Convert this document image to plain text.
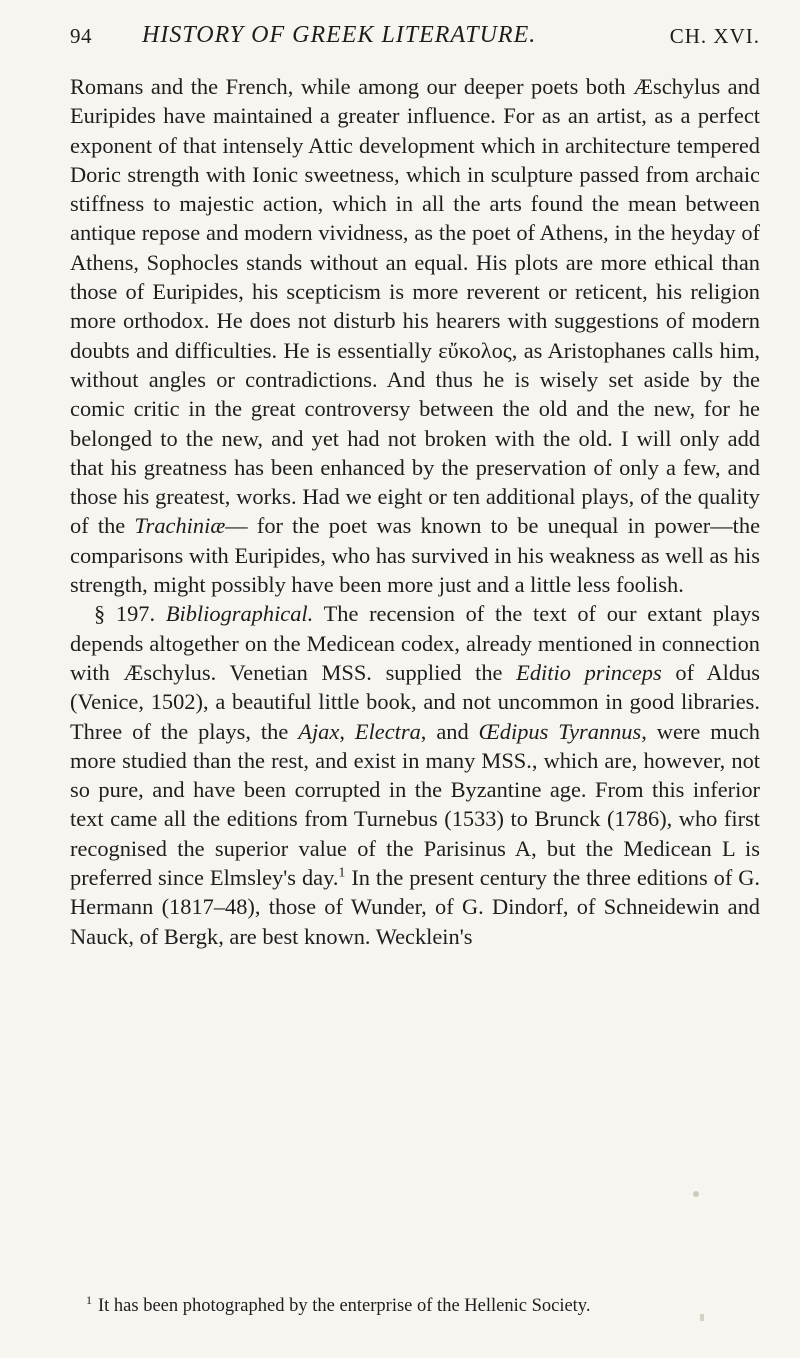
94 HISTORY OF GREEK LITERATURE.	CH. XVI.

Romans and the French, while among our deeper poets both Æschylus and Euripides have maintained a greater influence. For as an artist, as a perfect exponent of that intensely Attic development which in architecture tempered Doric strength with Ionic sweetness, which in sculpture passed from archaic stiffness to majestic action, which in all the arts found the mean between antique repose and modern vividness, as the poet of Athens, in the heyday of Athens, Sophocles stands without an equal. His plots are more ethical than those of Euripides, his scepticism is more reverent or reticent, his religion more orthodox. He does not disturb his hearers with suggestions of modern doubts and difficulties. He is essentially εὔκολος, as Aristophanes calls him, without angles or contradictions. And thus he is wisely set aside by the comic critic in the great controversy between the old and the new, for he belonged to the new, and yet had not broken with the old. I will only add that his greatness has been enhanced by the preservation of only a few, and those his greatest, works. Had we eight or ten additional plays, of the quality of the Trachiniæ— for the poet was known to be unequal in power—the comparisons with Euripides, who has survived in his weakness as well as his strength, might possibly have been more just and a little less foolish.

§ 197. Bibliographical. The recension of the text of our extant plays depends altogether on the Medicean codex, already mentioned in connection with Æschylus. Venetian MSS. supplied the Editio princeps of Aldus (Venice, 1502), a beautiful little book, and not uncommon in good libraries. Three of the plays, the Ajax, Electra, and Œdipus Tyrannus, were much more studied than the rest, and exist in many MSS., which are, however, not so pure, and have been corrupted in the Byzantine age. From this inferior text came all the editions from Turnebus (1533) to Brunck (1786), who first recognised the superior value of the Parisinus A, but the Medicean L is preferred since Elmsley's day.$^1$ In the present century the three editions of G. Hermann (1817–48), those of Wunder, of G. Dindorf, of Schneidewin and Nauck, of Bergk, are best known. Wecklein's

$^1$ It has been photographed by the enterprise of the Hellenic Society.
